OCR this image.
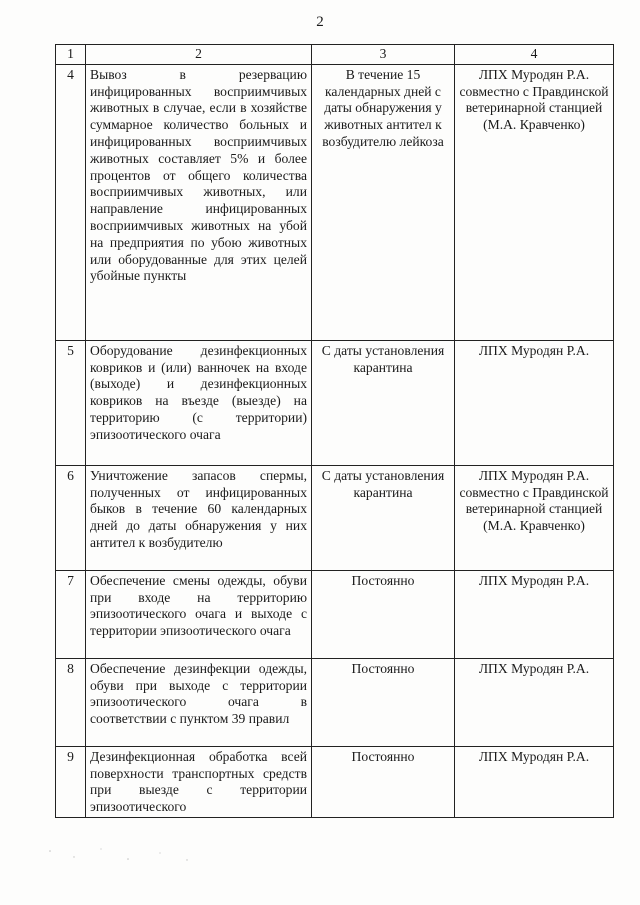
2
1	2	3	4
4	Вывоз в резервацию инфицированных восприимчивых животных в случае, если в хозяйстве суммарное количество больных и инфицированных восприимчивых животных составляет 5% и более процентов от общего количества восприимчивых животных, или направление инфицированных восприимчивых животных на убой на предприятия по убою животных или оборудованные для этих целей убойные пункты	В течение 15 календарных дней с даты обнаружения у животных антител к возбудителю лейкоза	ЛПХ Муродян Р.А. совместно с Правдинской ветеринарной станцией (М.А. Кравченко)
5	Оборудование дезинфекционных ковриков и (или) ванночек на входе (выходе) и дезинфекционных ковриков на въезде (выезде) на территорию (с территории) эпизоотического очага	С даты установления карантина	ЛПХ Муродян Р.А.
6	Уничтожение запасов спермы, полученных от инфицированных быков в течение 60 календарных дней до даты обнаружения у них антител к возбудителю	С даты установления карантина	ЛПХ Муродян Р.А. совместно с Правдинской ветеринарной станцией (М.А. Кравченко)
7	Обеспечение смены одежды, обуви при входе на территорию эпизоотического очага и выходе с территории эпизоотического очага	Постоянно	ЛПХ Муродян Р.А.
8	Обеспечение дезинфекции одежды, обуви при выходе с территории эпизоотического очага в соответствии с пунктом 39 правил	Постоянно	ЛПХ Муродян Р.А.
9	Дезинфекционная обработка всей поверхности транспортных средств при выезде с территории эпизоотического	Постоянно	ЛПХ Муродян Р.А.
